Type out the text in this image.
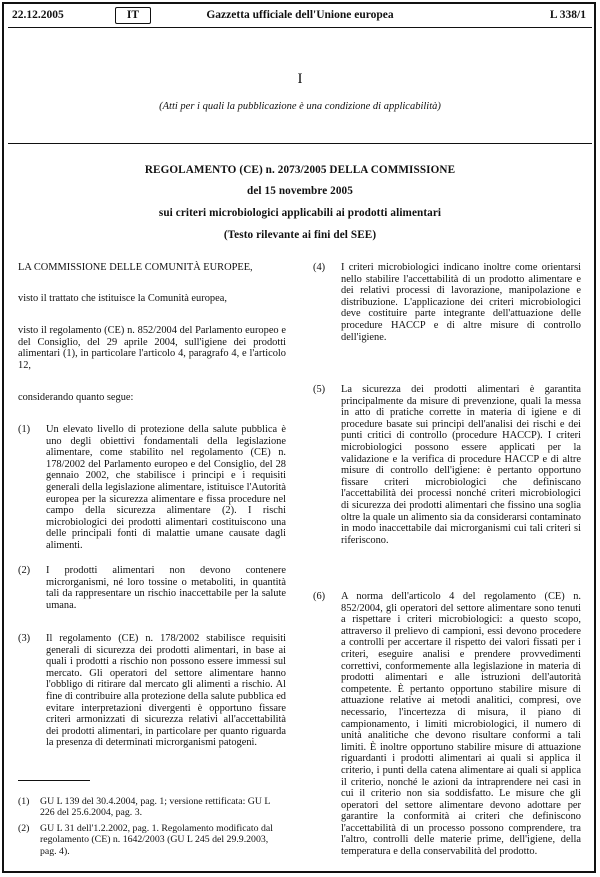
22.12.2005	IT	Gazzetta ufficiale dell'Unione europea	L 338/1
I
(Atti per i quali la pubblicazione è una condizione di applicabilità)
REGOLAMENTO (CE) n. 2073/2005 DELLA COMMISSIONE
del 15 novembre 2005
sui criteri microbiologici applicabili ai prodotti alimentari
(Testo rilevante ai fini del SEE)
LA COMMISSIONE DELLE COMUNITÀ EUROPEE,
visto il trattato che istituisce la Comunità europea,
visto il regolamento (CE) n. 852/2004 del Parlamento europeo e del Consiglio, del 29 aprile 2004, sull'igiene dei prodotti alimentari (1), in particolare l'articolo 4, paragrafo 4, e l'articolo 12,
considerando quanto segue:
(1) Un elevato livello di protezione della salute pubblica è uno degli obiettivi fondamentali della legislazione alimentare, come stabilito nel regolamento (CE) n. 178/2002 del Parlamento europeo e del Consiglio, del 28 gennaio 2002, che stabilisce i principi e i requisiti generali della legislazione alimentare, istituisce l'Autorità europea per la sicurezza alimentare e fissa procedure nel campo della sicurezza alimentare (2). I rischi microbiologici dei prodotti alimentari costituiscono una delle principali fonti di malattie umane causate dagli alimenti.
(2) I prodotti alimentari non devono contenere microrganismi, né loro tossine o metaboliti, in quantità tali da rappresentare un rischio inaccettabile per la salute umana.
(3) Il regolamento (CE) n. 178/2002 stabilisce requisiti generali di sicurezza dei prodotti alimentari, in base ai quali i prodotti a rischio non possono essere immessi sul mercato. Gli operatori del settore alimentare hanno l'obbligo di ritirare dal mercato gli alimenti a rischio. Al fine di contribuire alla protezione della salute pubblica ed evitare interpretazioni divergenti è opportuno fissare criteri armonizzati di sicurezza relativi all'accettabilità dei prodotti alimentari, in particolare per quanto riguarda la presenza di determinati microrganismi patogeni.
(1) GU L 139 del 30.4.2004, pag. 1; versione rettificata: GU L 226 del 25.6.2004, pag. 3.
(2) GU L 31 dell'1.2.2002, pag. 1. Regolamento modificato dal regolamento (CE) n. 1642/2003 (GU L 245 del 29.9.2003, pag. 4).
(4) I criteri microbiologici indicano inoltre come orientarsi nello stabilire l'accettabilità di un prodotto alimentare e dei relativi processi di lavorazione, manipolazione e distribuzione. L'applicazione dei criteri microbiologici deve costituire parte integrante dell'attuazione delle procedure HACCP e di altre misure di controllo dell'igiene.
(5) La sicurezza dei prodotti alimentari è garantita principalmente da misure di prevenzione, quali la messa in atto di pratiche corrette in materia di igiene e di procedure basate sui principi dell'analisi dei rischi e dei punti critici di controllo (procedure HACCP). I criteri microbiologici possono essere applicati per la validazione e la verifica di procedure HACCP e di altre misure di controllo dell'igiene: è pertanto opportuno fissare criteri microbiologici che definiscano l'accettabilità dei processi nonché criteri microbiologici di sicurezza dei prodotti alimentari che fissino una soglia oltre la quale un alimento sia da considerarsi contaminato in modo inaccettabile dai microrganismi cui tali criteri si riferiscono.
(6) A norma dell'articolo 4 del regolamento (CE) n. 852/2004, gli operatori del settore alimentare sono tenuti a rispettare i criteri microbiologici: a questo scopo, attraverso il prelievo di campioni, essi devono procedere a controlli per accertare il rispetto dei valori fissati per i criteri, eseguire analisi e prendere provvedimenti correttivi, conformemente alla legislazione in materia di prodotti alimentari e alle istruzioni dell'autorità competente. È pertanto opportuno stabilire misure di attuazione relative ai metodi analitici, compresi, ove necessario, l'incertezza di misura, il piano di campionamento, i limiti microbiologici, il numero di unità analitiche che devono risultare conformi a tali limiti. È inoltre opportuno stabilire misure di attuazione riguardanti i prodotti alimentari ai quali si applica il criterio, i punti della catena alimentare ai quali si applica il criterio, nonché le azioni da intraprendere nei casi in cui il criterio non sia soddisfatto. Le misure che gli operatori del settore alimentare devono adottare per garantire la conformità ai criteri che definiscono l'accettabilità di un processo possono comprendere, tra l'altro, controlli delle materie prime, dell'igiene, della temperatura e della conservabilità del prodotto.
